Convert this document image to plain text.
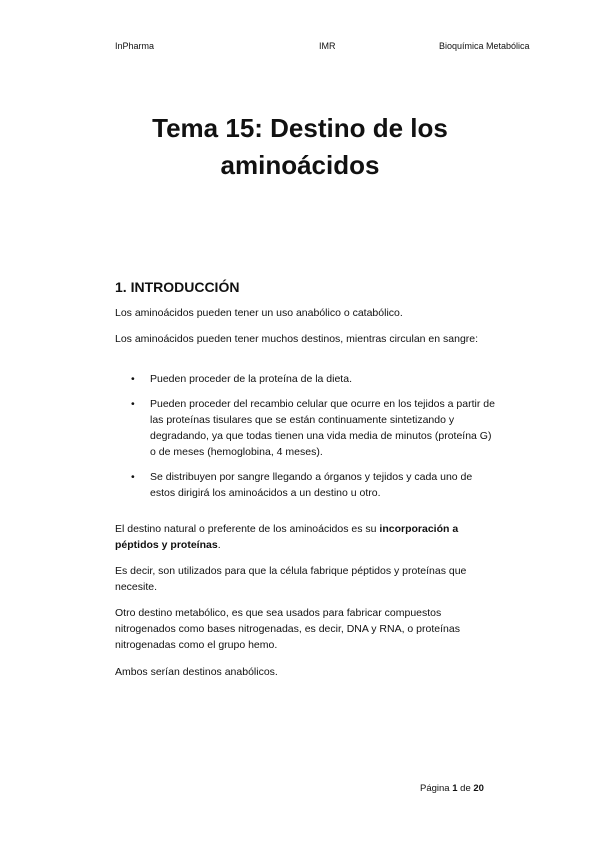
InPharma	IMR	Bioquímica Metabólica
Tema 15: Destino de los
aminoácidos
1. INTRODUCCIÓN
Los aminoácidos pueden tener un uso anabólico o catabólico.
Los aminoácidos pueden tener muchos destinos, mientras circulan en sangre:
• Pueden proceder de la proteína de la dieta.
• Pueden proceder del recambio celular que ocurre en los tejidos a partir de las proteínas tisulares que se están continuamente sintetizando y degradando, ya que todas tienen una vida media de minutos (proteína G) o de meses (hemoglobina, 4 meses).
• Se distribuyen por sangre llegando a órganos y tejidos y cada uno de estos dirigirá los aminoácidos a un destino u otro.
El destino natural o preferente de los aminoácidos es su incorporación a péptidos y proteínas.
Es decir, son utilizados para que la célula fabrique péptidos y proteínas que necesite.
Otro destino metabólico, es que sea usados para fabricar compuestos nitrogenados como bases nitrogenadas, es decir, DNA y RNA, o proteínas nitrogenadas como el grupo hemo.
Ambos serían destinos anabólicos.
Página 1 de 20
